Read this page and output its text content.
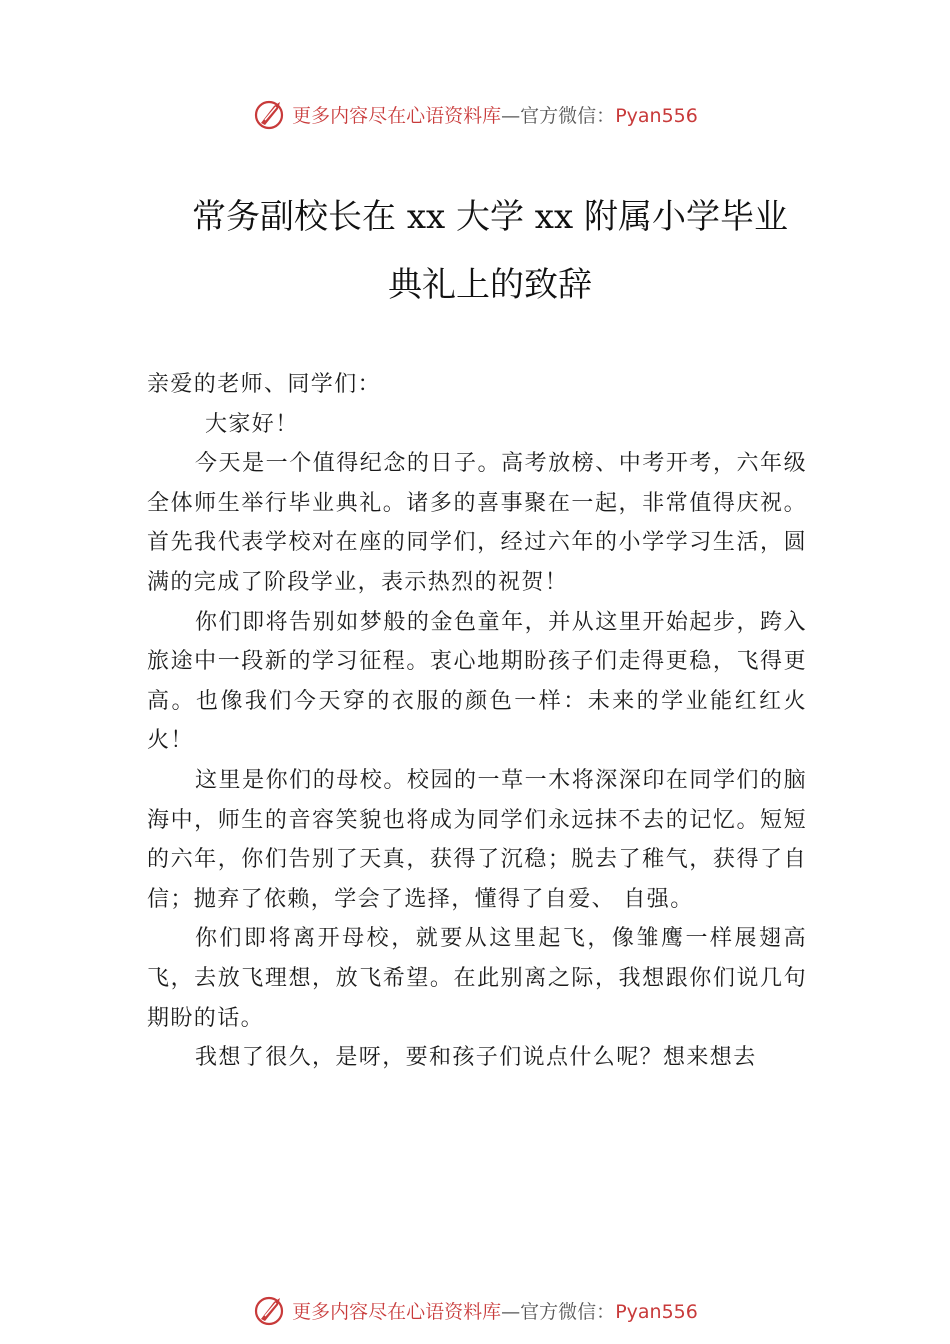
更多内容尽在心语资料库—官方微信：Pyan556
常务副校长在 xx 大学 xx 附属小学毕业
典礼上的致辞

亲爱的老师、同学们：

大家好！

今天是一个值得纪念的日子。高考放榜、中考开考，六年级全体师生举行毕业典礼。诸多的喜事聚在一起，非常值得庆祝。首先我代表学校对在座的同学们，经过六年的小学学习生活，圆满的完成了阶段学业，表示热烈的祝贺！

你们即将告别如梦般的金色童年，并从这里开始起步，跨入旅途中一段新的学习征程。衷心地期盼孩子们走得更稳，飞得更高。也像我们今天穿的衣服的颜色一样：未来的学业能红红火火！

这里是你们的母校。校园的一草一木将深深印在同学们的脑海中，师生的音容笑貌也将成为同学们永远抹不去的记忆。短短的六年，你们告别了天真，获得了沉稳；脱去了稚气，获得了自信；抛弃了依赖，学会了选择，懂得了自爱、 自强。

你们即将离开母校，就要从这里起飞，像雏鹰一样展翅高飞，去放飞理想，放飞希望。在此别离之际，我想跟你们说几句期盼的话。

我想了很久，是呀，要和孩子们说点什么呢？想来想去

更多内容尽在心语资料库—官方微信：Pyan556
